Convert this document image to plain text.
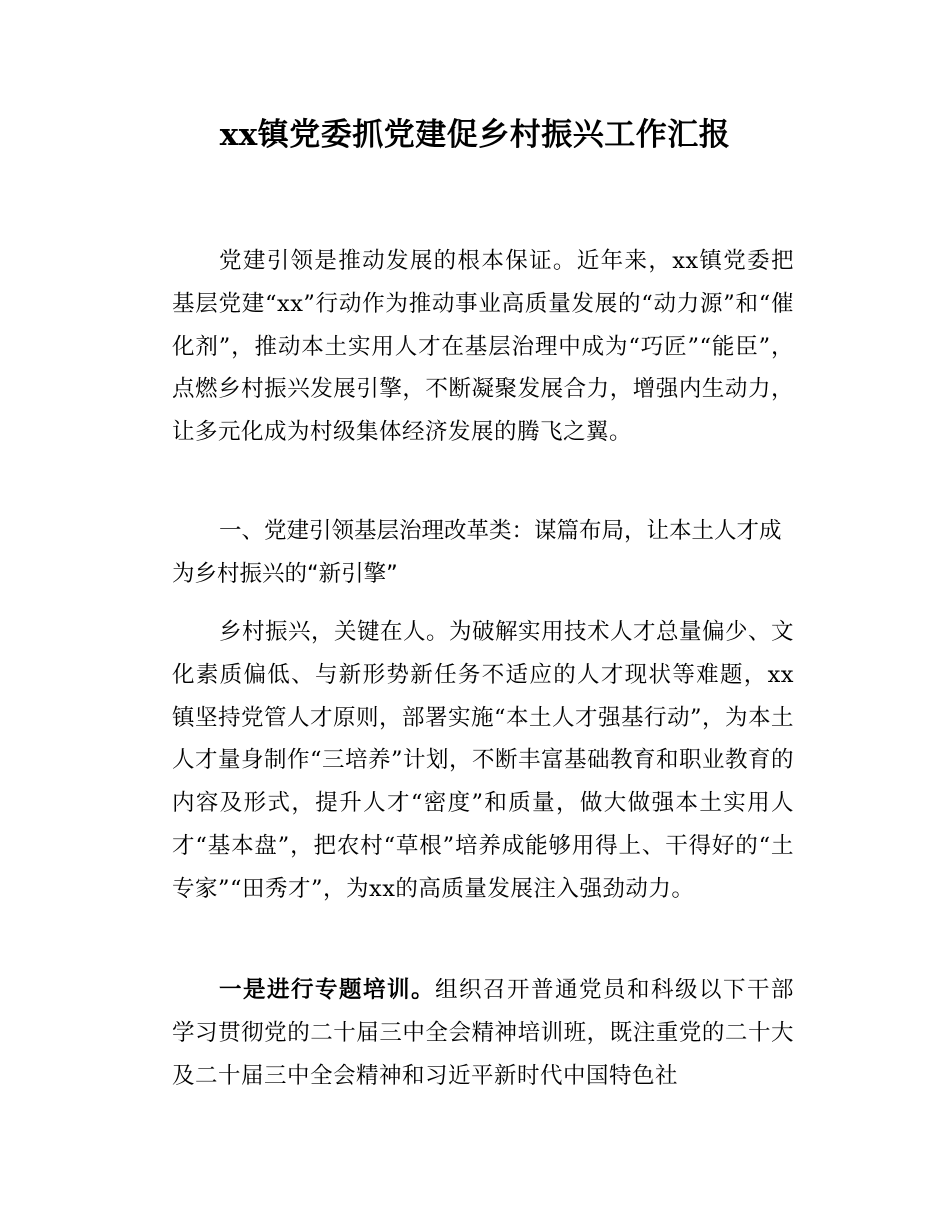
xx镇党委抓党建促乡村振兴工作汇报

党建引领是推动发展的根本保证。近年来，xx镇党委把基层党建“xx”行动作为推动事业高质量发展的“动力源”和“催化剂”，推动本土实用人才在基层治理中成为“巧匠”“能臣”，点燃乡村振兴发展引擎，不断凝聚发展合力，增强内生动力，让多元化成为村级集体经济发展的腾飞之翼。

一、党建引领基层治理改革类：谋篇布局，让本土人才成为乡村振兴的“新引擎”

乡村振兴，关键在人。为破解实用技术人才总量偏少、文化素质偏低、与新形势新任务不适应的人才现状等难题，xx镇坚持党管人才原则，部署实施“本土人才强基行动”，为本土人才量身制作“三培养”计划，不断丰富基础教育和职业教育的内容及形式，提升人才“密度”和质量，做大做强本土实用人才“基本盘”，把农村“草根”培养成能够用得上、干得好的“土专家”“田秀才”，为xx的高质量发展注入强劲动力。

一是进行专题培训。组织召开普通党员和科级以下干部学习贯彻党的二十届三中全会精神培训班，既注重党的二十大及二十届三中全会精神和习近平新时代中国特色社
